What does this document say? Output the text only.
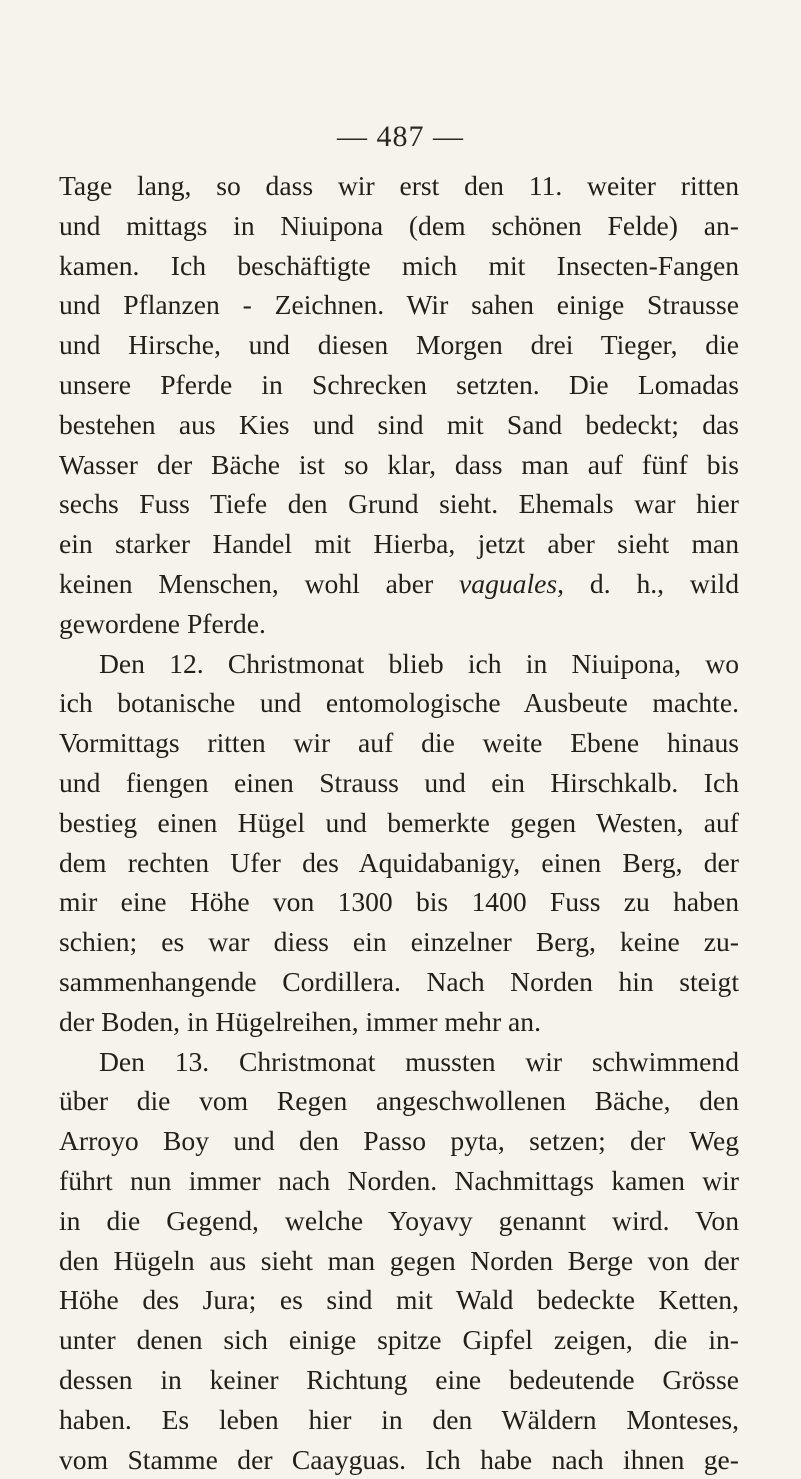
— 487 —
Tage lang, so dass wir erst den 11. weiter ritten
und mittags in Niuipona (dem schönen Felde) an-
kamen. Ich beschäftigte mich mit Insecten-Fangen
und Pflanzen - Zeichnen. Wir sahen einige Strausse
und Hirsche, und diesen Morgen drei Tieger, die
unsere Pferde in Schrecken setzten. Die Lomadas
bestehen aus Kies und sind mit Sand bedeckt; das
Wasser der Bäche ist so klar, dass man auf fünf bis
sechs Fuss Tiefe den Grund sieht. Ehemals war hier
ein starker Handel mit Hierba, jetzt aber sieht man
keinen Menschen, wohl aber vaguales, d. h., wild
gewordene Pferde.
Den 12. Christmonat blieb ich in Niuipona, wo
ich botanische und entomologische Ausbeute machte.
Vormittags ritten wir auf die weite Ebene hinaus
und fiengen einen Strauss und ein Hirschkalb. Ich
bestieg einen Hügel und bemerkte gegen Westen, auf
dem rechten Ufer des Aquidabanigy, einen Berg, der
mir eine Höhe von 1300 bis 1400 Fuss zu haben
schien; es war diess ein einzelner Berg, keine zu-
sammenhangende Cordillera. Nach Norden hin steigt
der Boden, in Hügelreihen, immer mehr an.
Den 13. Christmonat mussten wir schwimmend
über die vom Regen angeschwollenen Bäche, den
Arroyo Boy und den Passo pyta, setzen; der Weg
führt nun immer nach Norden. Nachmittags kamen wir
in die Gegend, welche Yoyavy genannt wird. Von
den Hügeln aus sieht man gegen Norden Berge von der
Höhe des Jura; es sind mit Wald bedeckte Ketten,
unter denen sich einige spitze Gipfel zeigen, die in-
dessen in keiner Richtung eine bedeutende Grösse
haben. Es leben hier in den Wäldern Monteses,
vom Stamme der Caayguas. Ich habe nach ihnen ge-
